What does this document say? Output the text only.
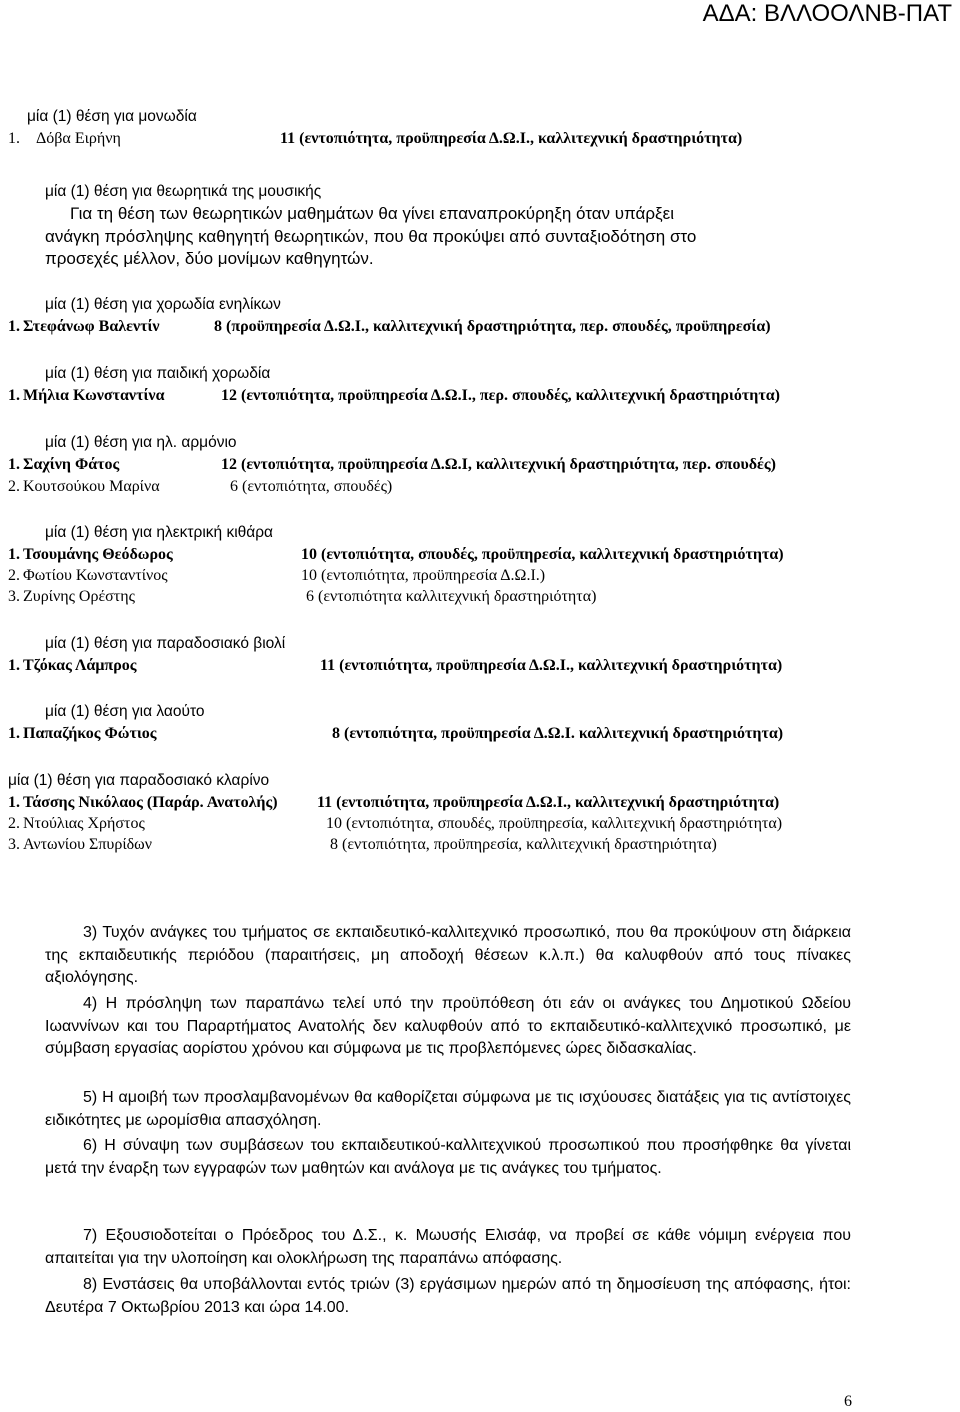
ΑΔΑ: ΒΛΛΟΟΛΝΒ-ΠΑΤ
μία (1) θέση για μονωδία
1. Δόβα Ειρήνη	11 (εντοπιότητα, προϋπηρεσία Δ.Ω.Ι., καλλιτεχνική δραστηριότητα)
μία (1) θέση για θεωρητικά της μουσικής
Για τη θέση των θεωρητικών μαθημάτων θα γίνει επαναπροκύρηξη όταν υπάρξει
ανάγκη πρόσληψης καθηγητή θεωρητικών, που θα προκύψει από συνταξιοδότηση στο
προσεχές μέλλον, δύο μονίμων καθηγητών.
μία (1) θέση για χορωδία ενηλίκων
1. Στεφάνωφ Βαλεντίν	8 (προϋπηρεσία Δ.Ω.Ι., καλλιτεχνική δραστηριότητα, περ. σπουδές, προϋπηρεσία)
μία (1) θέση για παιδική χορωδία
1. Μήλια Κωνσταντίνα	12 (εντοπιότητα, προϋπηρεσία Δ.Ω.Ι., περ. σπουδές, καλλιτεχνική δραστηριότητα)
μία (1) θέση για ηλ. αρμόνιο
1. Σαχίνη Φάτος	12 (εντοπιότητα, προϋπηρεσία Δ.Ω.Ι, καλλιτεχνική δραστηριότητα, περ. σπουδές)
2. Κουτσούκου Μαρίνα	6 (εντοπιότητα, σπουδές)
μία (1) θέση για ηλεκτρική κιθάρα
1. Τσουμάνης Θεόδωρος	10 (εντοπιότητα, σπουδές, προϋπηρεσία, καλλιτεχνική δραστηριότητα)
2. Φωτίου Κωνσταντίνος	10 (εντοπιότητα, προϋπηρεσία Δ.Ω.Ι.)
3. Ζυρίνης Ορέστης	6 (εντοπιότητα καλλιτεχνική δραστηριότητα)
μία (1) θέση για παραδοσιακό βιολί
1. Τζόκας Λάμπρος	11 (εντοπιότητα, προϋπηρεσία Δ.Ω.Ι., καλλιτεχνική δραστηριότητα)
μία (1) θέση για λαούτο
1. Παπαζήκος Φώτιος	8 (εντοπιότητα, προϋπηρεσία Δ.Ω.Ι. καλλιτεχνική δραστηριότητα)
μία (1) θέση για παραδοσιακό κλαρίνο
1. Τάσσης Νικόλαος (Παράρ. Ανατολής) 11 (εντοπιότητα, προϋπηρεσία Δ.Ω.Ι., καλλιτεχνική δραστηριότητα)
2. Ντούλιας Χρήστος	10 (εντοπιότητα, σπουδές, προϋπηρεσία, καλλιτεχνική δραστηριότητα)
3. Αντωνίου Σπυρίδων	8 (εντοπιότητα, προϋπηρεσία, καλλιτεχνική δραστηριότητα)

3) Τυχόν ανάγκες του τμήματος σε εκπαιδευτικό-καλλιτεχνικό προσωπικό, που θα προκύψουν στη διάρκεια της εκπαιδευτικής περιόδου (παραιτήσεις, μη αποδοχή θέσεων κ.λ.π.) θα καλυφθούν από τους πίνακες αξιολόγησης.

4) Η πρόσληψη των παραπάνω τελεί υπό την προϋπόθεση ότι εάν οι ανάγκες του Δημοτικού Ωδείου Ιωαννίνων και του Παραρτήματος Ανατολής δεν καλυφθούν από το εκπαιδευτικό-καλλιτεχνικό προσωπικό, με σύμβαση εργασίας αορίστου χρόνου και σύμφωνα με τις προβλεπόμενες ώρες διδασκαλίας.

5) Η αμοιβή των προσλαμβανομένων θα καθορίζεται σύμφωνα με τις ισχύουσες διατάξεις για τις αντίστοιχες ειδικότητες με ωρομίσθια απασχόληση.

6) Η σύναψη των συμβάσεων του εκπαιδευτικού-καλλιτεχνικού προσωπικού που προσήφθηκε θα γίνεται μετά την έναρξη των εγγραφών των μαθητών και ανάλογα με τις ανάγκες του τμήματος.

7) Εξουσιοδοτείται ο Πρόεδρος του Δ.Σ., κ. Μωυσής Ελισάφ, να προβεί σε κάθε νόμιμη ενέργεια που απαιτείται για την υλοποίηση και ολοκλήρωση της παραπάνω απόφασης.

8) Ενστάσεις θα υποβάλλονται εντός τριών (3) εργάσιμων ημερών από τη δημοσίευση της απόφασης, ήτοι: Δευτέρα 7 Οκτωβρίου 2013 και ώρα 14.00.

6
